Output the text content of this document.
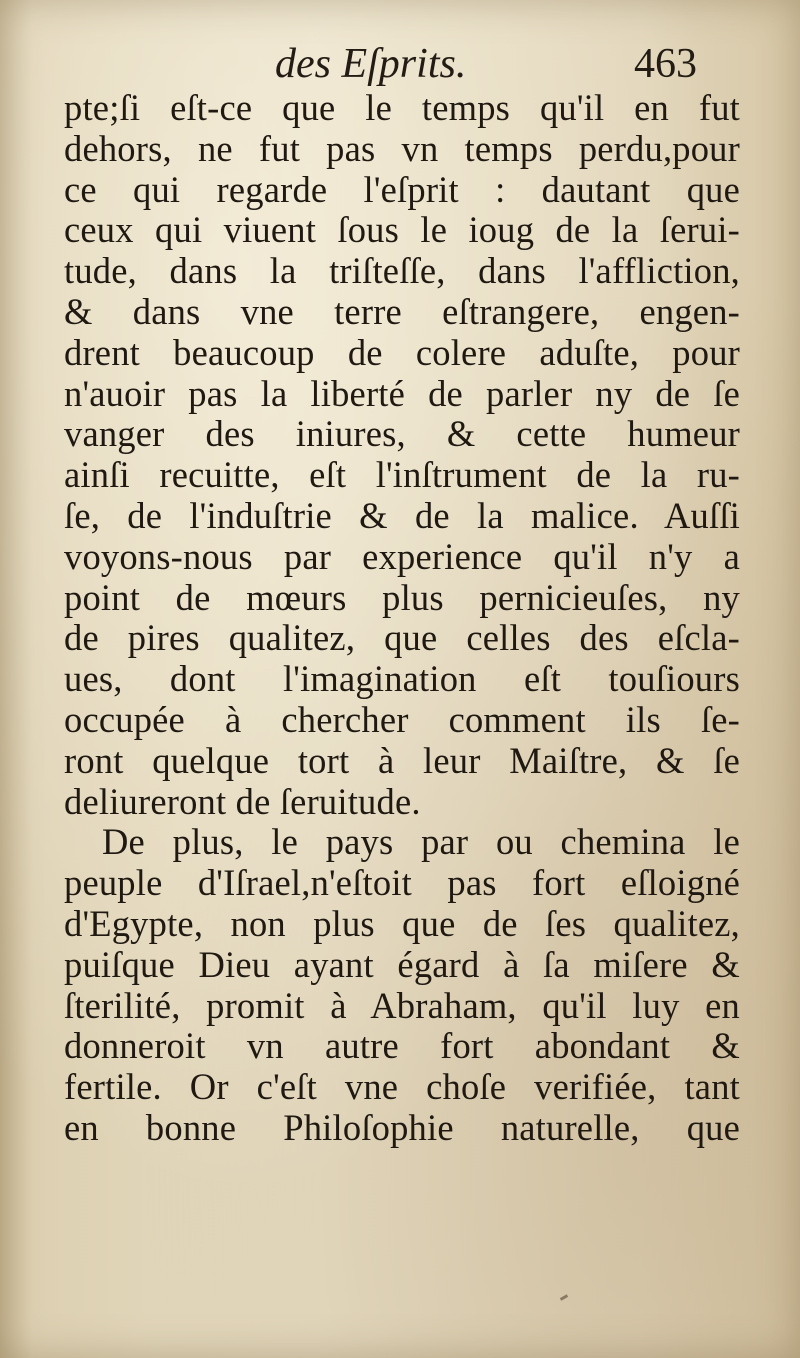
des Eſprits.	463
pte;ſi eſt-ce que le temps qu'il en fut
dehors, ne fut pas vn temps perdu,pour
ce qui regarde l'eſprit : dautant que
ceux qui viuent ſous le ioug de la ſerui-
tude, dans la triſteſſe, dans l'affliction,
& dans vne terre eſtrangere, engen-
drent beaucoup de colere aduſte, pour
n'auoir pas la liberté de parler ny de ſe
vanger des iniures, & cette humeur
ainſi recuitte, eſt l'inſtrument de la ru-
ſe, de l'induſtrie & de la malice. Auſſi
voyons-nous par experience qu'il n'y a
point de mœurs plus pernicieuſes, ny
de pires qualitez, que celles des eſcla-
ues, dont l'imagination eſt touſiours
occupée à chercher comment ils ſe-
ront quelque tort à leur Maiſtre, & ſe
deliureront de ſeruitude.
De plus, le pays par ou chemina le
peuple d'Iſrael,n'eſtoit pas fort eſloigné
d'Egypte, non plus que de ſes qualitez,
puiſque Dieu ayant égard à ſa miſere &
ſterilité, promit à Abraham, qu'il luy en
donneroit vn autre fort abondant &
fertile. Or c'eſt vne choſe verifiée, tant
en bonne Philoſophie naturelle, que
